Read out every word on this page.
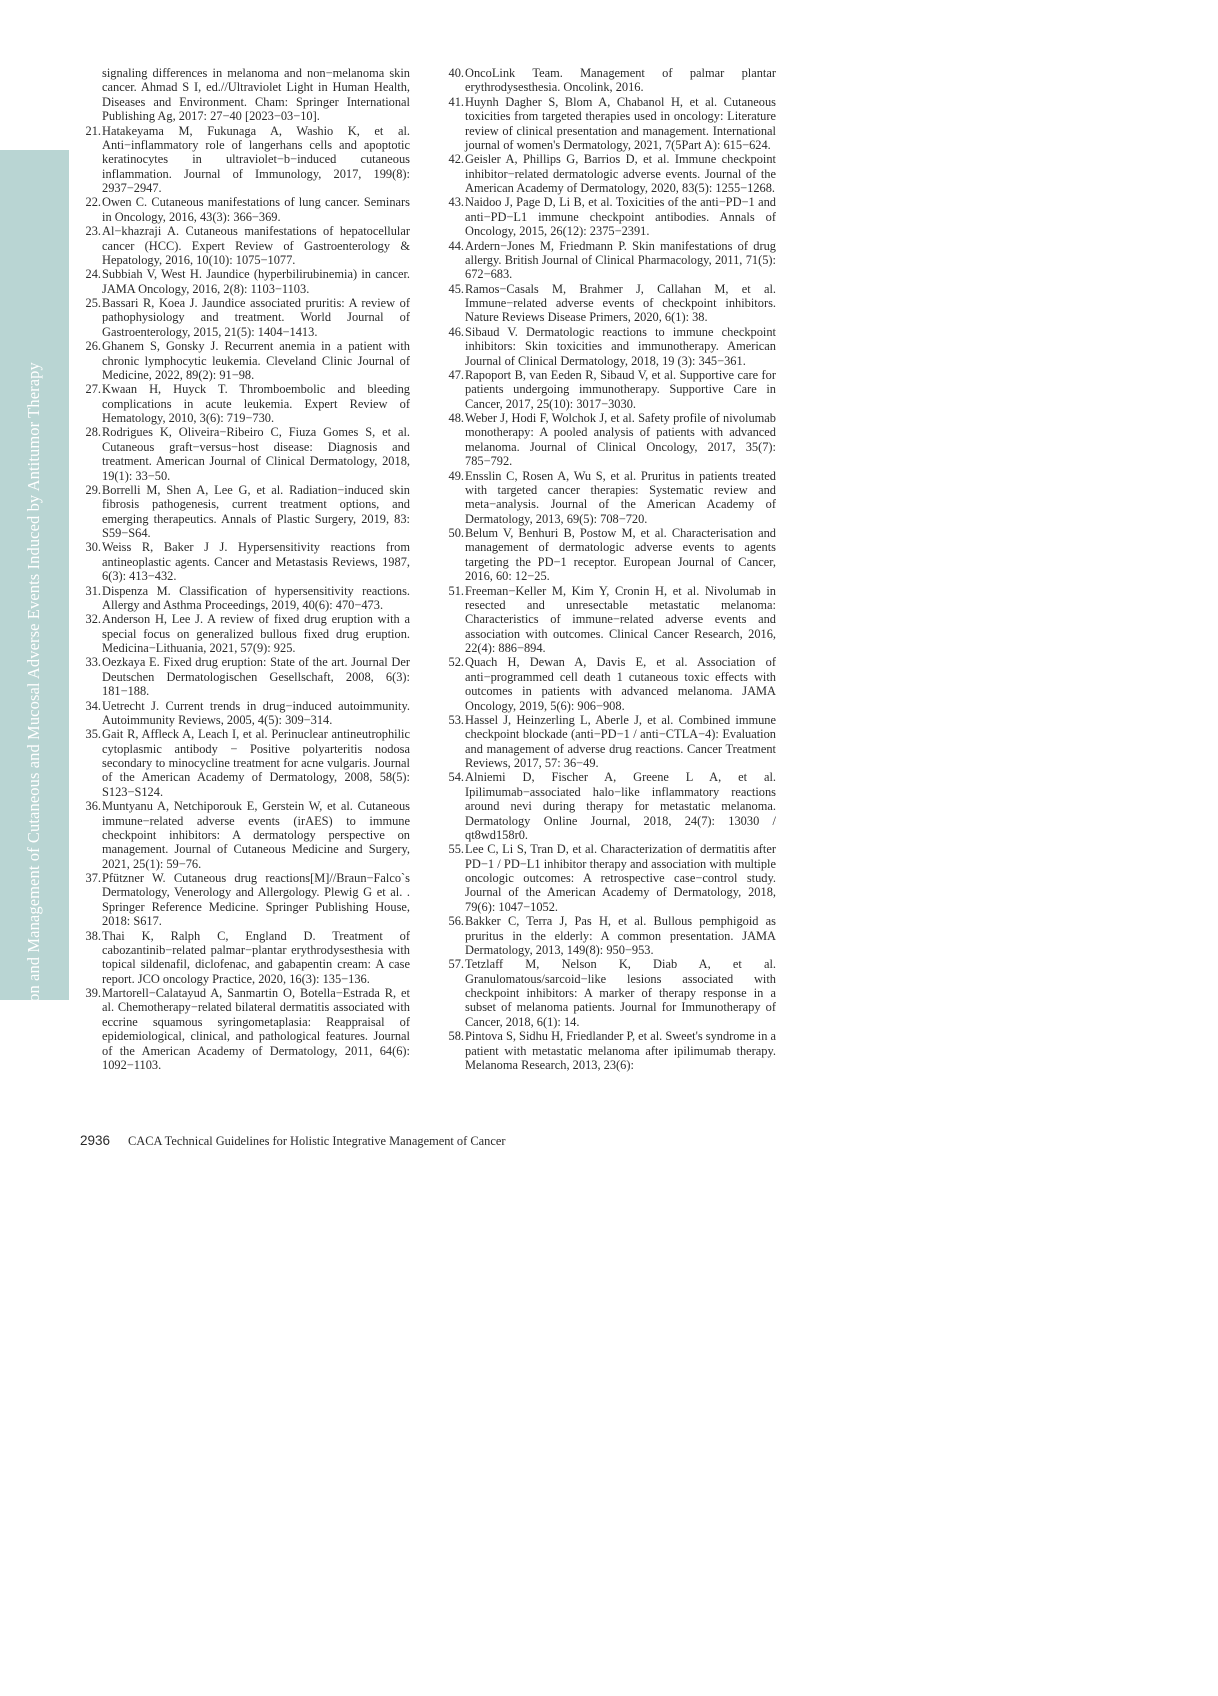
The Prevention and Management of Cutaneous and Mucosal Adverse Events Induced by Antitumor Therapy
signaling differences in melanoma and non−melanoma skin cancer. Ahmad S I, ed.//Ultraviolet Light in Human Health, Diseases and Environment. Cham: Springer International Publishing Ag, 2017: 27−40 [2023−03−10].
21. Hatakeyama M, Fukunaga A, Washio K, et al. Anti−inflammatory role of langerhans cells and apoptotic keratinocytes in ultraviolet−b−induced cutaneous inflammation. Journal of Immunology, 2017, 199(8): 2937−2947.
22. Owen C. Cutaneous manifestations of lung cancer. Seminars in Oncology, 2016, 43(3): 366−369.
23. Al−khazraji A. Cutaneous manifestations of hepatocellular cancer (HCC). Expert Review of Gastroenterology & Hepatology, 2016, 10(10): 1075−1077.
24. Subbiah V, West H. Jaundice (hyperbilirubinemia) in cancer. JAMA Oncology, 2016, 2(8): 1103−1103.
25. Bassari R, Koea J. Jaundice associated pruritis: A review of pathophysiology and treatment. World Journal of Gastroenterology, 2015, 21(5): 1404−1413.
26. Ghanem S, Gonsky J. Recurrent anemia in a patient with chronic lymphocytic leukemia. Cleveland Clinic Journal of Medicine, 2022, 89(2): 91−98.
27. Kwaan H, Huyck T. Thromboembolic and bleeding complications in acute leukemia. Expert Review of Hematology, 2010, 3(6): 719−730.
28. Rodrigues K, Oliveira−Ribeiro C, Fiuza Gomes S, et al. Cutaneous graft−versus−host disease: Diagnosis and treatment. American Journal of Clinical Dermatology, 2018, 19(1): 33−50.
29. Borrelli M, Shen A, Lee G, et al. Radiation−induced skin fibrosis pathogenesis, current treatment options, and emerging therapeutics. Annals of Plastic Surgery, 2019, 83: S59−S64.
30. Weiss R, Baker J J. Hypersensitivity reactions from antineoplastic agents. Cancer and Metastasis Reviews, 1987, 6(3): 413−432.
31. Dispenza M. Classification of hypersensitivity reactions. Allergy and Asthma Proceedings, 2019, 40(6): 470−473.
32. Anderson H, Lee J. A review of fixed drug eruption with a special focus on generalized bullous fixed drug eruption. Medicina−Lithuania, 2021, 57(9): 925.
33. Oezkaya E. Fixed drug eruption: State of the art. Journal Der Deutschen Dermatologischen Gesellschaft, 2008, 6(3): 181−188.
34. Uetrecht J. Current trends in drug−induced autoimmunity. Autoimmunity Reviews, 2005, 4(5): 309−314.
35. Gait R, Affleck A, Leach I, et al. Perinuclear antineutrophilic cytoplasmic antibody − Positive polyarteritis nodosa secondary to minocycline treatment for acne vulgaris. Journal of the American Academy of Dermatology, 2008, 58(5): S123−S124.
36. Muntyanu A, Netchiporouk E, Gerstein W, et al. Cutaneous immune−related adverse events (irAES) to immune checkpoint inhibitors: A dermatology perspective on management. Journal of Cutaneous Medicine and Surgery, 2021, 25(1): 59−76.
37. Pfützner W. Cutaneous drug reactions[M]//Braun−Falco`s Dermatology, Venerology and Allergology. Plewig G et al. . Springer Reference Medicine. Springer Publishing House, 2018: S617.
38. Thai K, Ralph C, England D. Treatment of cabozantinib−related palmar−plantar erythrodysesthesia with topical sildenafil, diclofenac, and gabapentin cream: A case report. JCO oncology Practice, 2020, 16(3): 135−136.
39. Martorell−Calatayud A, Sanmartin O, Botella−Estrada R, et al. Chemotherapy−related bilateral dermatitis associated with eccrine squamous syringometaplasia: Reappraisal of epidemiological, clinical, and pathological features. Journal of the American Academy of Dermatology, 2011, 64(6): 1092−1103.
40. OncoLink Team. Management of palmar plantar erythrodysesthesia. Oncolink, 2016.
41. Huynh Dagher S, Blom A, Chabanol H, et al. Cutaneous toxicities from targeted therapies used in oncology: Literature review of clinical presentation and management. International journal of women's Dermatology, 2021, 7(5Part A): 615−624.
42. Geisler A, Phillips G, Barrios D, et al. Immune checkpoint inhibitor−related dermatologic adverse events. Journal of the American Academy of Dermatology, 2020, 83(5): 1255−1268.
43. Naidoo J, Page D, Li B, et al. Toxicities of the anti−PD−1 and anti−PD−L1 immune checkpoint antibodies. Annals of Oncology, 2015, 26(12): 2375−2391.
44. Ardern−Jones M, Friedmann P. Skin manifestations of drug allergy. British Journal of Clinical Pharmacology, 2011, 71(5): 672−683.
45. Ramos−Casals M, Brahmer J, Callahan M, et al. Immune−related adverse events of checkpoint inhibitors. Nature Reviews Disease Primers, 2020, 6(1): 38.
46. Sibaud V. Dermatologic reactions to immune checkpoint inhibitors: Skin toxicities and immunotherapy. American Journal of Clinical Dermatology, 2018, 19 (3): 345−361.
47. Rapoport B, van Eeden R, Sibaud V, et al. Supportive care for patients undergoing immunotherapy. Supportive Care in Cancer, 2017, 25(10): 3017−3030.
48. Weber J, Hodi F, Wolchok J, et al. Safety profile of nivolumab monotherapy: A pooled analysis of patients with advanced melanoma. Journal of Clinical Oncology, 2017, 35(7): 785−792.
49. Ensslin C, Rosen A, Wu S, et al. Pruritus in patients treated with targeted cancer therapies: Systematic review and meta−analysis. Journal of the American Academy of Dermatology, 2013, 69(5): 708−720.
50. Belum V, Benhuri B, Postow M, et al. Characterisation and management of dermatologic adverse events to agents targeting the PD−1 receptor. European Journal of Cancer, 2016, 60: 12−25.
51. Freeman−Keller M, Kim Y, Cronin H, et al. Nivolumab in resected and unresectable metastatic melanoma: Characteristics of immune−related adverse events and association with outcomes. Clinical Cancer Research, 2016, 22(4): 886−894.
52. Quach H, Dewan A, Davis E, et al. Association of anti−programmed cell death 1 cutaneous toxic effects with outcomes in patients with advanced melanoma. JAMA Oncology, 2019, 5(6): 906−908.
53. Hassel J, Heinzerling L, Aberle J, et al. Combined immune checkpoint blockade (anti−PD−1 / anti−CTLA−4): Evaluation and management of adverse drug reactions. Cancer Treatment Reviews, 2017, 57: 36−49.
54. Alniemi D, Fischer A, Greene L A, et al. Ipilimumab−associated halo−like inflammatory reactions around nevi during therapy for metastatic melanoma. Dermatology Online Journal, 2018, 24(7): 13030 / qt8wd158r0.
55. Lee C, Li S, Tran D, et al. Characterization of dermatitis after PD−1 / PD−L1 inhibitor therapy and association with multiple oncologic outcomes: A retrospective case−control study. Journal of the American Academy of Dermatology, 2018, 79(6): 1047−1052.
56. Bakker C, Terra J, Pas H, et al. Bullous pemphigoid as pruritus in the elderly: A common presentation. JAMA Dermatology, 2013, 149(8): 950−953.
57. Tetzlaff M, Nelson K, Diab A, et al. Granulomatous/sarcoid−like lesions associated with checkpoint inhibitors: A marker of therapy response in a subset of melanoma patients. Journal for Immunotherapy of Cancer, 2018, 6(1): 14.
58. Pintova S, Sidhu H, Friedlander P, et al. Sweet's syndrome in a patient with metastatic melanoma after ipilimumab therapy. Melanoma Research, 2013, 23(6):
2936 CACA Technical Guidelines for Holistic Integrative Management of Cancer
